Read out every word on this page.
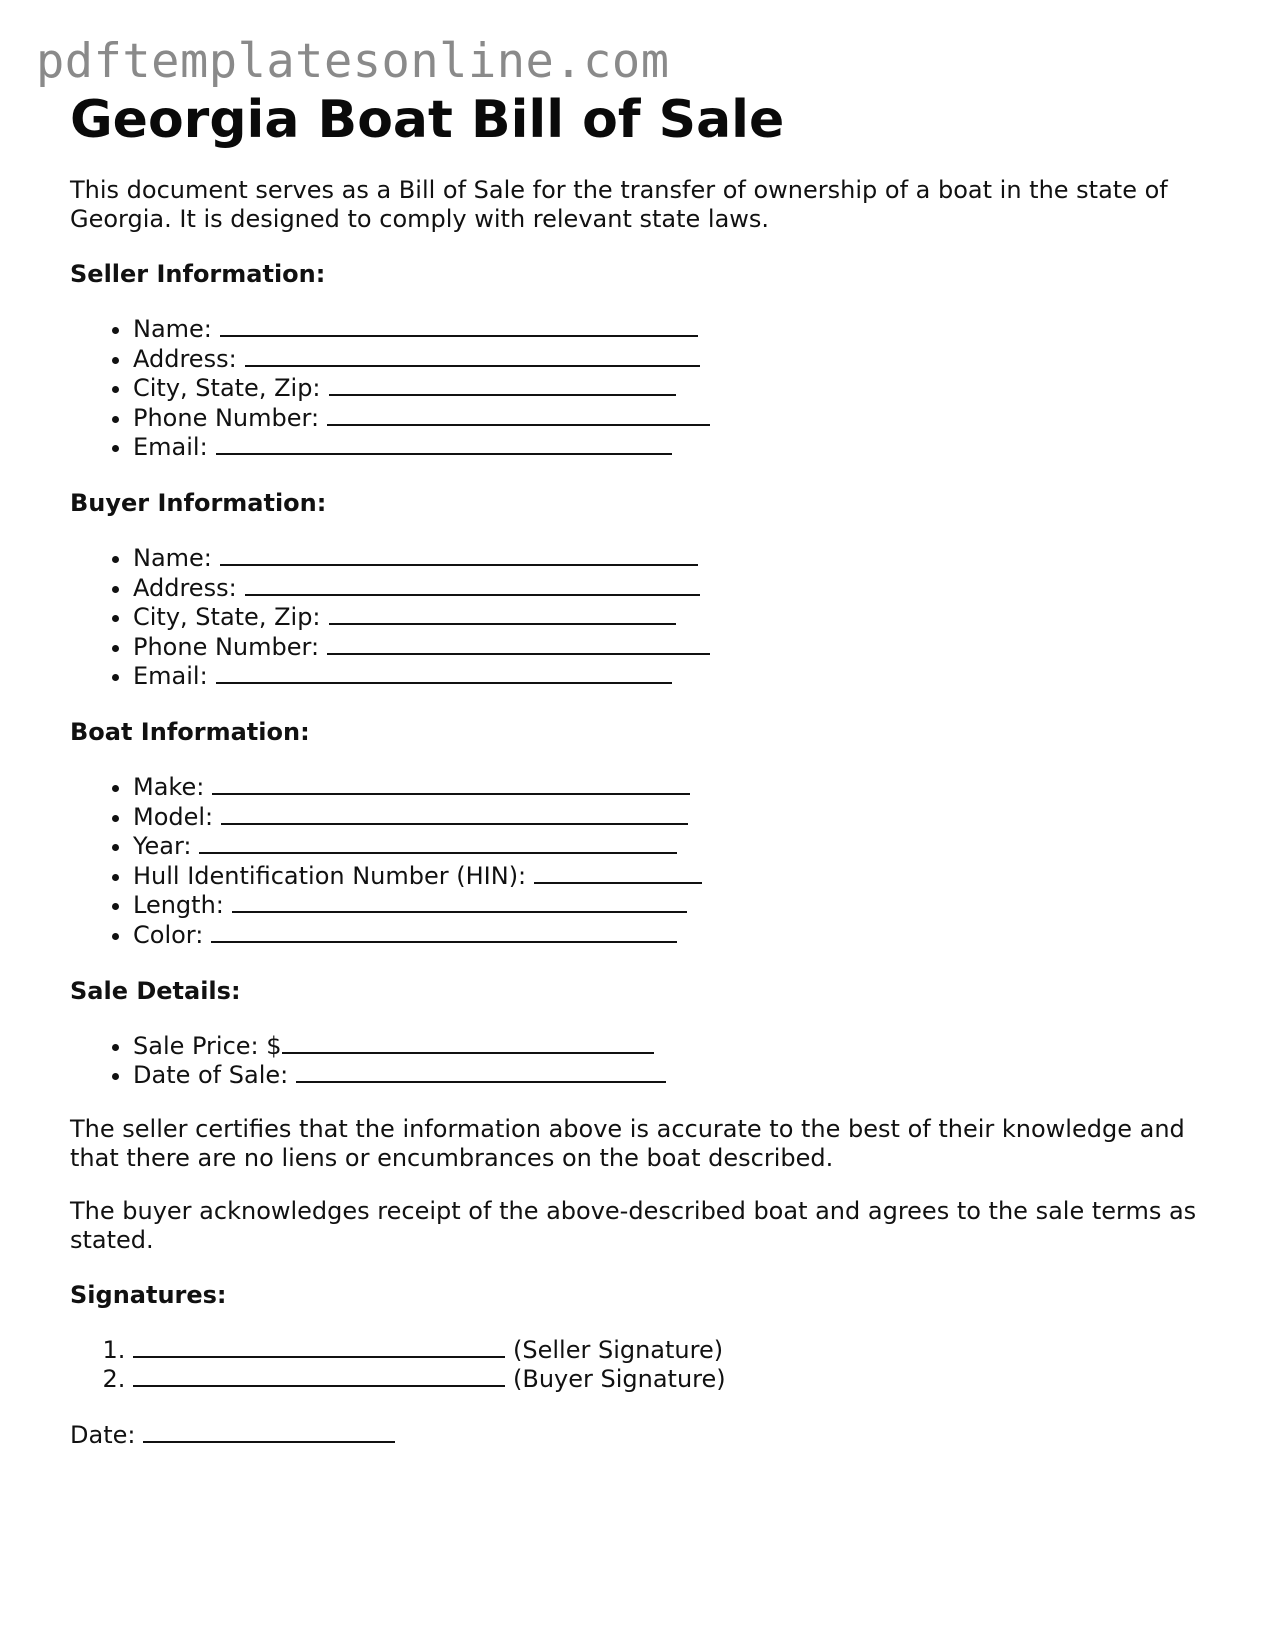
pdftemplatesonline.com
Georgia Boat Bill of Sale

This document serves as a Bill of Sale for the transfer of ownership of a boat in the state of Georgia. It is designed to comply with relevant state laws.

Seller Information:
• Name:
• Address:
• City, State, Zip:
• Phone Number:
• Email:
Buyer Information:
• Name:
• Address:
• City, State, Zip:
• Phone Number:
• Email:
Boat Information:
• Make:
• Model:
• Year:
• Hull Identification Number (HIN):
• Length:
• Color:
Sale Details:
• Sale Price: $
• Date of Sale:

The seller certifies that the information above is accurate to the best of their knowledge and that there are no liens or encumbrances on the boat described.

The buyer acknowledges receipt of the above-described boat and agrees to the sale terms as stated.

Signatures:
1. (Seller Signature)
2. (Buyer Signature)
Date:
